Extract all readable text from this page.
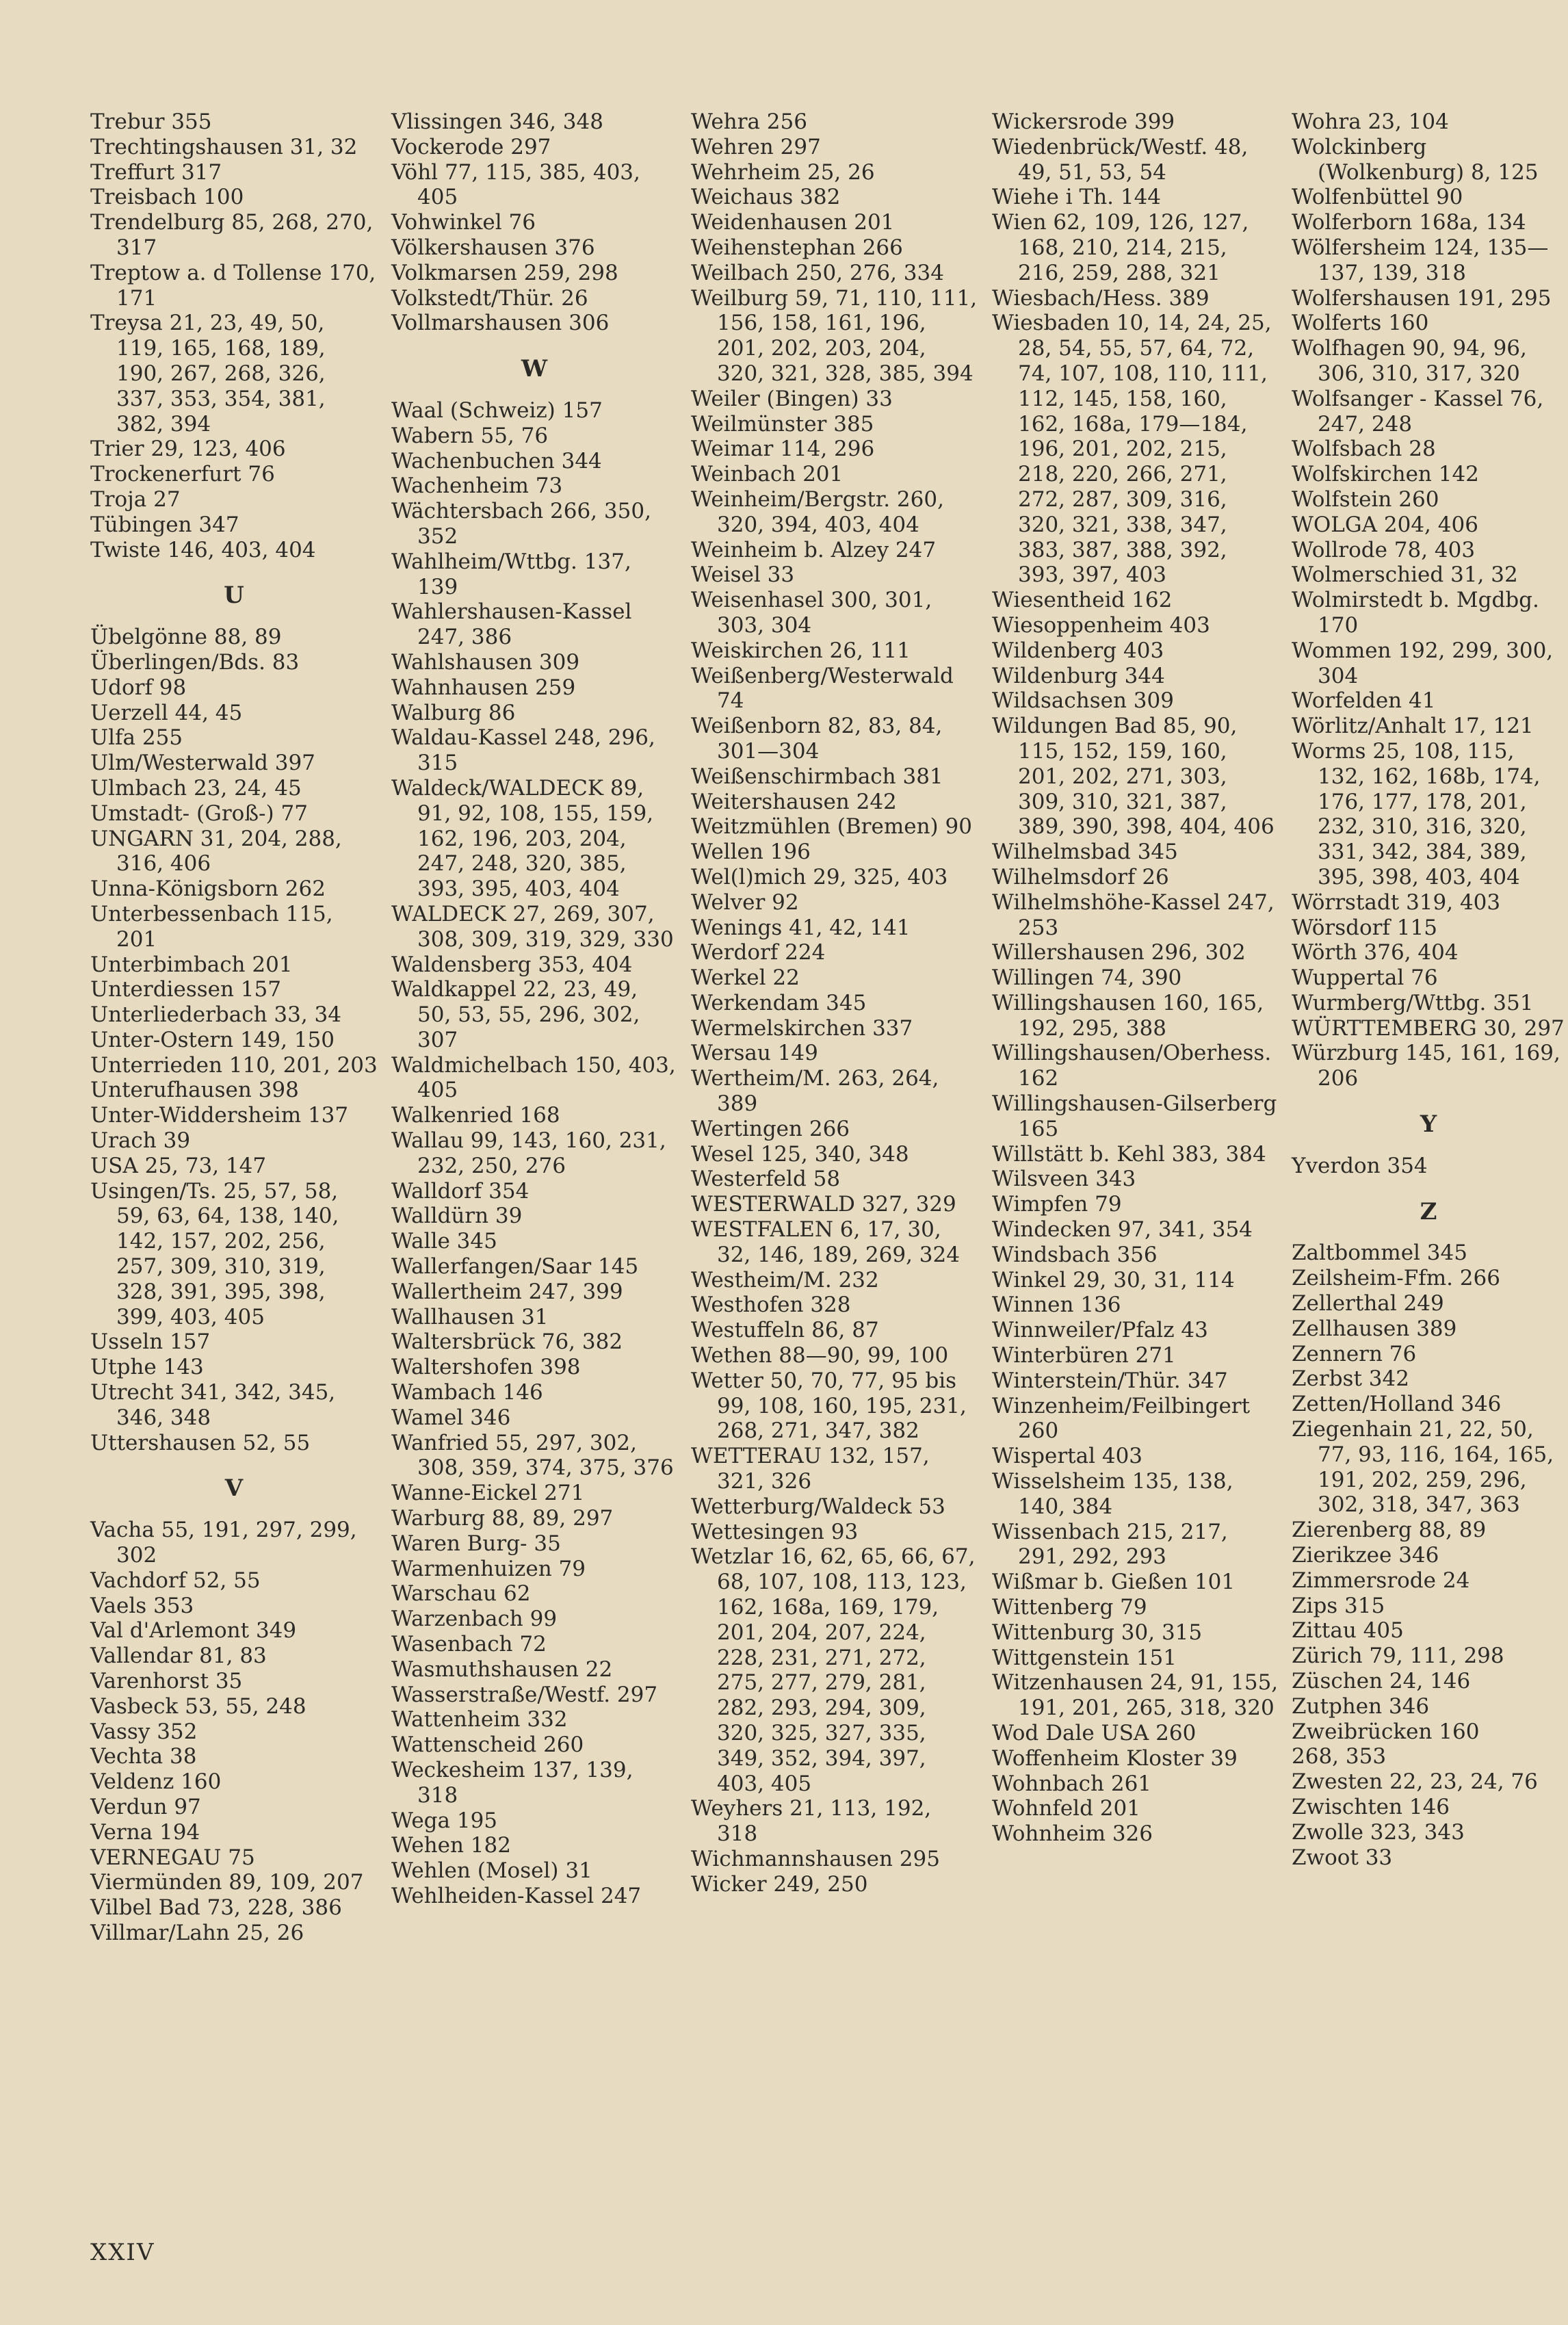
Trebur 355
Trechtingshausen 31, 32
Treffurt 317
Treisbach 100
Trendelburg 85, 268, 270, 317
Treptow a. d Tollense 170, 171
Treysa 21, 23, 49, 50, 119, 165, 168, 189, 190, 267, 268, 326, 337, 353, 354, 381, 382, 394
Trier 29, 123, 406
Trockenerfurt 76
Troja 27
Tübingen 347
Twiste 146, 403, 404
U
Übelgönne 88, 89
Überlingen/Bds. 83
Udorf 98
Uerzell 44, 45
Ulfa 255
Ulm/Westerwald 397
Ulmbach 23, 24, 45
Umstadt- (Groß-) 77
UNGARN 31, 204, 288, 316, 406
Unna-Königsborn 262
Unterbessenbach 115, 201
Unterbimbach 201
Unterdiessen 157
Unterliederbach 33, 34
Unter-Ostern 149, 150
Unterrieden 110, 201, 203
Unterufhausen 398
Unter-Widdersheim 137
Urach 39
USA 25, 73, 147
Usingen/Ts. 25, 57, 58, 59, 63, 64, 138, 140, 142, 157, 202, 256, 257, 309, 310, 319, 328, 391, 395, 398, 399, 403, 405
Usseln 157
Utphe 143
Utrecht 341, 342, 345, 346, 348
Uttershausen 52, 55
V
Vacha 55, 191, 297, 299, 302
Vachdorf 52, 55
Vaels 353
Val d'Arlemont 349
Vallendar 81, 83
Varenhorst 35
Vasbeck 53, 55, 248
Vassy 352
Vechta 38
Veldenz 160
Verdun 97
Verna 194
VERNEGAU 75
Viermünden 89, 109, 207
Vilbel Bad 73, 228, 386
Villmar/Lahn 25, 26
Vlissingen 346, 348
Vockerode 297
Vöhl 77, 115, 385, 403, 405
Vohwinkel 76
Völkershausen 376
Volkmarsen 259, 298
Volkstedt/Thür. 26
Vollmarshausen 306
W
Waal (Schweiz) 157
Wabern 55, 76
Wachenbuchen 344
Wachenheim 73
Wächtersbach 266, 350, 352
Wahlheim/Wttbg. 137, 139
Wahlershausen-Kassel 247, 386
Wahlshausen 309
Wahnhausen 259
Walburg 86
Waldau-Kassel 248, 296, 315
Waldeck/WALDECK 89, 91, 92, 108, 155, 159, 162, 196, 203, 204, 247, 248, 320, 385, 393, 395, 403, 404
WALDECK 27, 269, 307, 308, 309, 319, 329, 330
Waldensberg 353, 404
Waldkappel 22, 23, 49, 50, 53, 55, 296, 302, 307
Waldmichelbach 150, 403, 405
Walkenried 168
Wallau 99, 143, 160, 231, 232, 250, 276
Walldorf 354
Walldürn 39
Walle 345
Wallerfangen/Saar 145
Wallertheim 247, 399
Wallhausen 31
Waltersbrück 76, 382
Waltershofen 398
Wambach 146
Wamel 346
Wanfried 55, 297, 302, 308, 359, 374, 375, 376
Wanne-Eickel 271
Warburg 88, 89, 297
Waren Burg- 35
Warmenhuizen 79
Warschau 62
Warzenbach 99
Wasenbach 72
Wasmuthshausen 22
Wasserstraße/Westf. 297
Wattenheim 332
Wattenscheid 260
Weckesheim 137, 139, 318
Wega 195
Wehen 182
Wehlen (Mosel) 31
Wehlheiden-Kassel 247
Wehra 256
Wehren 297
Wehrheim 25, 26
Weichaus 382
Weidenhausen 201
Weihenstephan 266
Weilbach 250, 276, 334
Weilburg 59, 71, 110, 111, 156, 158, 161, 196, 201, 202, 203, 204, 320, 321, 328, 385, 394
Weiler (Bingen) 33
Weilmünster 385
Weimar 114, 296
Weinbach 201
Weinheim/Bergstr. 260, 320, 394, 403, 404
Weinheim b. Alzey 247
Weisel 33
Weisenhasel 300, 301, 303, 304
Weiskirchen 26, 111
Weißenberg/Westerwald 74
Weißenborn 82, 83, 84, 301—304
Weißenschirmbach 381
Weitershausen 242
Weitzmühlen (Bremen) 90
Wellen 196
Wel(l)mich 29, 325, 403
Welver 92
Wenings 41, 42, 141
Werdorf 224
Werkel 22
Werkendam 345
Wermelskirchen 337
Wersau 149
Wertheim/M. 263, 264, 389
Wertingen 266
Wesel 125, 340, 348
Westerfeld 58
WESTERWALD 327, 329
WESTFALEN 6, 17, 30, 32, 146, 189, 269, 324
Westheim/M. 232
Westhofen 328
Westuffeln 86, 87
Wethen 88—90, 99, 100
Wetter 50, 70, 77, 95 bis 99, 108, 160, 195, 231, 268, 271, 347, 382
WETTERAU 132, 157, 321, 326
Wetterburg/Waldeck 53
Wettesingen 93
Wetzlar 16, 62, 65, 66, 67, 68, 107, 108, 113, 123, 162, 168a, 169, 179, 201, 204, 207, 224, 228, 231, 271, 272, 275, 277, 279, 281, 282, 293, 294, 309, 320, 325, 327, 335, 349, 352, 394, 397, 403, 405
Weyhers 21, 113, 192, 318
Wichmannshausen 295
Wicker 249, 250
Wickersrode 399
Wiedenbrück/Westf. 48, 49, 51, 53, 54
Wiehe i Th. 144
Wien 62, 109, 126, 127, 168, 210, 214, 215, 216, 259, 288, 321
Wiesbach/Hess. 389
Wiesbaden 10, 14, 24, 25, 28, 54, 55, 57, 64, 72, 74, 107, 108, 110, 111, 112, 145, 158, 160, 162, 168a, 179—184, 196, 201, 202, 215, 218, 220, 266, 271, 272, 287, 309, 316, 320, 321, 338, 347, 383, 387, 388, 392, 393, 397, 403
Wiesentheid 162
Wiesoppenheim 403
Wildenberg 403
Wildenburg 344
Wildsachsen 309
Wildungen Bad 85, 90, 115, 152, 159, 160, 201, 202, 271, 303, 309, 310, 321, 387, 389, 390, 398, 404, 406
Wilhelmsbad 345
Wilhelmsdorf 26
Wilhelmshöhe-Kassel 247, 253
Willershausen 296, 302
Willingen 74, 390
Willingshausen 160, 165, 192, 295, 388
Willingshausen/Oberhess. 162
Willingshausen-Gilserberg 165
Willstätt b. Kehl 383, 384
Wilsveen 343
Wimpfen 79
Windecken 97, 341, 354
Windsbach 356
Winkel 29, 30, 31, 114
Winnen 136
Winnweiler/Pfalz 43
Winterbüren 271
Winterstein/Thür. 347
Winzenheim/Feilbingert 260
Wispertal 403
Wisselsheim 135, 138, 140, 384
Wissenbach 215, 217, 291, 292, 293
Wißmar b. Gießen 101
Wittenberg 79
Wittenburg 30, 315
Wittgenstein 151
Witzenhausen 24, 91, 155, 191, 201, 265, 318, 320
Wod Dale USA 260
Woffenheim Kloster 39
Wohnbach 261
Wohnfeld 201
Wohnheim 326
Wohra 23, 104
Wolckinberg (Wolkenburg) 8, 125
Wolfenbüttel 90
Wolferborn 168a, 134
Wölfersheim 124, 135—137, 139, 318
Wolfershausen 191, 295
Wolferts 160
Wolfhagen 90, 94, 96, 306, 310, 317, 320
Wolfsanger - Kassel 76, 247, 248
Wolfsbach 28
Wolfskirchen 142
Wolfstein 260
WOLGA 204, 406
Wollrode 78, 403
Wolmerschied 31, 32
Wolmirstedt b. Mgdbg. 170
Wommen 192, 299, 300, 304
Worfelden 41
Wörlitz/Anhalt 17, 121
Worms 25, 108, 115, 132, 162, 168b, 174, 176, 177, 178, 201, 232, 310, 316, 320, 331, 342, 384, 389, 395, 398, 403, 404
Wörrstadt 319, 403
Wörsdorf 115
Wörth 376, 404
Wuppertal 76
Wurmberg/Wttbg. 351
WÜRTTEMBERG 30, 297
Würzburg 145, 161, 169, 206
Y
Yverdon 354
Z
Zaltbommel 345
Zeilsheim-Ffm. 266
Zellerthal 249
Zellhausen 389
Zennern 76
Zerbst 342
Zetten/Holland 346
Ziegenhain 21, 22, 50, 77, 93, 116, 164, 165, 191, 202, 259, 296, 302, 318, 347, 363
Zierenberg 88, 89
Zierikzee 346
Zimmersrode 24
Zips 315
Zittau 405
Zürich 79, 111, 298
Züschen 24, 146
Zutphen 346
Zweibrücken 160
268, 353
Zwesten 22, 23, 24, 76
Zwischten 146
Zwolle 323, 343
Zwoot 33
XXIV
